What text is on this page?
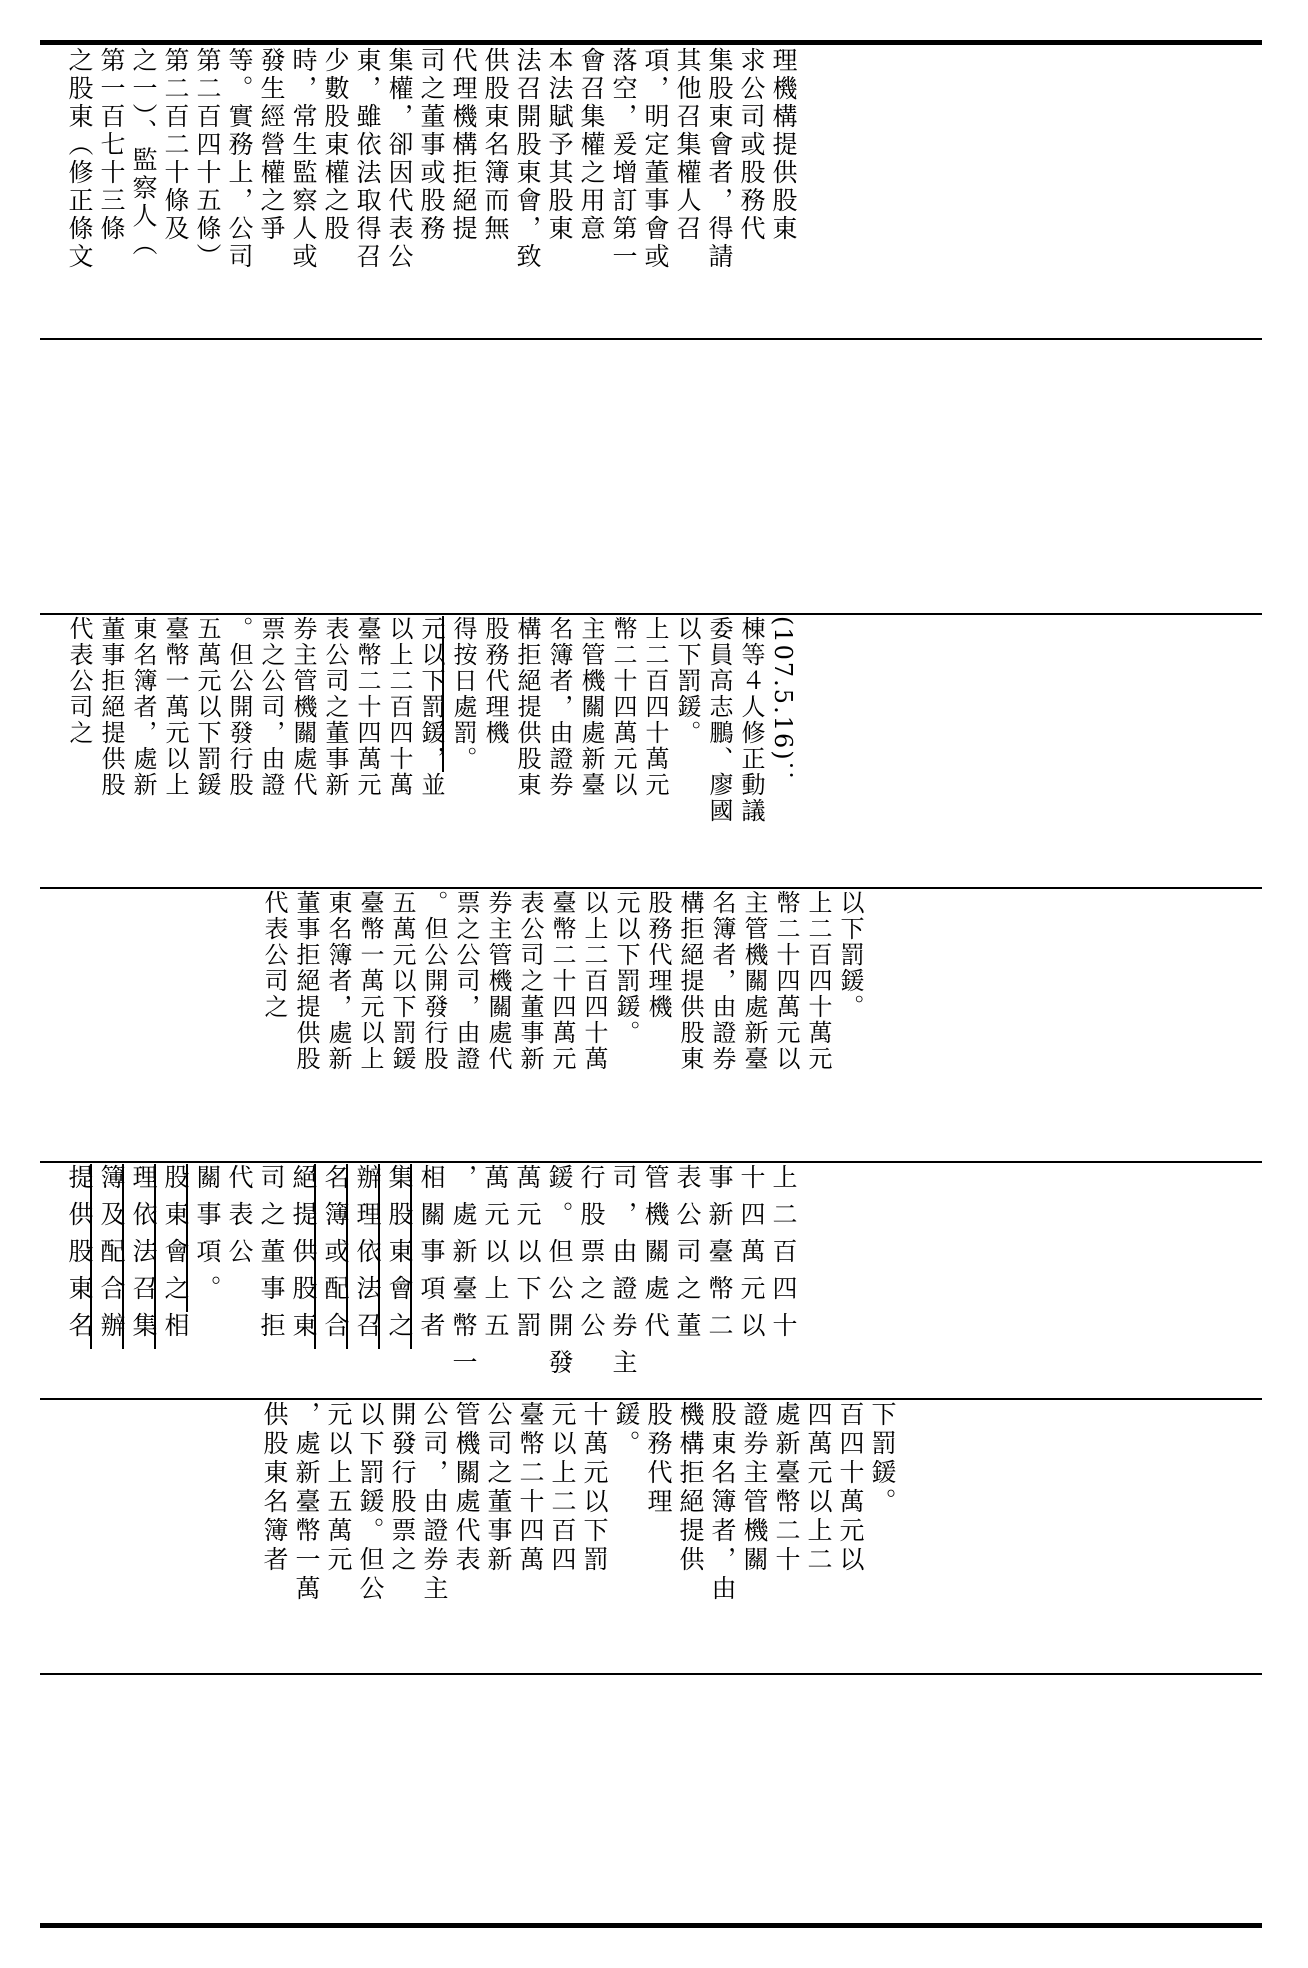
理機構提供股東
求公司或股務代
集股東會者，得請
其他召集權人召
項，明定董事會或
落空，爰增訂第一
會召集權之用意
本法賦予其股東
法召開股東會，致
供股東名簿而無
代理機構拒絕提
司之董事或股務
集權，卻因代表公
東，雖依法取得召
少數股東權之股
時，常生監察人或
發生經營權之爭
等。實務上，公司
第二百四十五條）
第二百二十條及
之一）、監察人（
第一百七十三條
之股東（修正條文
(107.5.16)：
棟等４人修正動議
委員高志鵬、廖國
以下罰鍰。
上二百四十萬元
幣二十四萬元以
主管機關處新臺
名簿者，由證券
構拒絕提供股東
股務代理機
得按日處罰。
元以下罰鍰，並
以上二百四十萬
臺幣二十四萬元
表公司之董事新
券主管機關處代
票之公司，由證
。但公開發行股
五萬元以下罰鍰
臺幣一萬元以上
東名簿者，處新
董事拒絕提供股
代表公司之
以下罰鍰。
上二百四十萬元
幣二十四萬元以
主管機關處新臺
名簿者，由證券
構拒絕提供股東
股務代理機
元以下罰鍰。
以上二百四十萬
臺幣二十四萬元
表公司之董事新
券主管機關處代
票之公司，由證
。但公開發行股
五萬元以下罰鍰
臺幣一萬元以上
東名簿者，處新
董事拒絕提供股
代表公司之
上二百四十
十四萬元以
事新臺幣二
表公司之董
管機關處代
司，由證券主
行股票之公
鍰。但公開發
萬元以下罰
萬元以上五
，處新臺幣一
相關事項者
集股東會之
辦理依法召
名簿或配合
絕提供股東
司之董事拒
代表公
關事項。
股東會之相
理依法召集
簿及配合辦
提供股東名
下罰鍰。
百四十萬元以
四萬元以上二
處新臺幣二十
證券主管機關
股東名簿者，由
機構拒絕提供
股務代理
鍰。
十萬元以下罰
元以上二百四
臺幣二十四萬
公司之董事新
管機關處代表
公司，由證券主
開發行股票之
以下罰鍰。但公
元以上五萬元
，處新臺幣一萬
供股東名簿者
